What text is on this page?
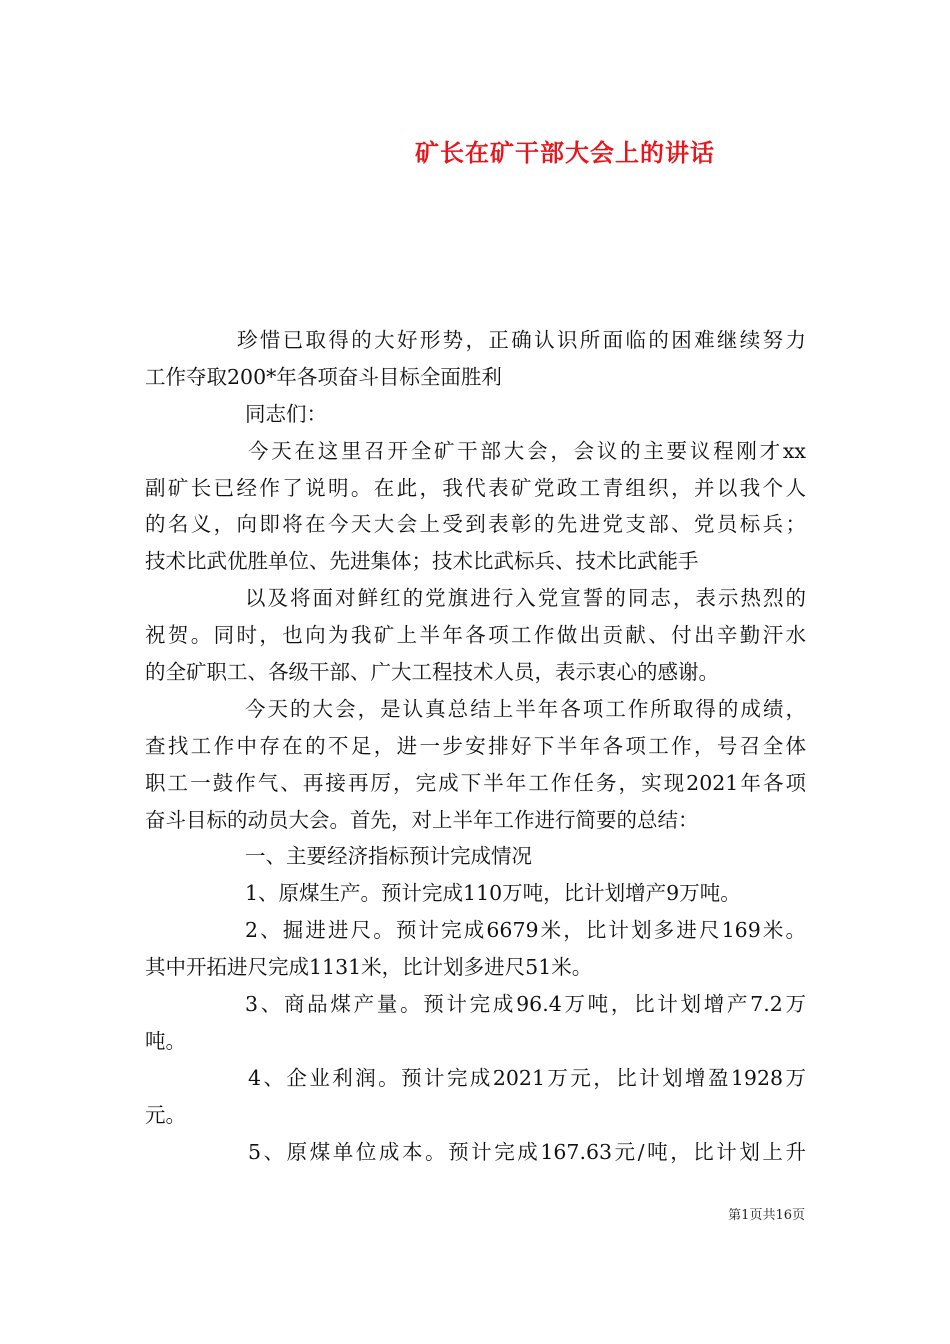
矿长在矿干部大会上的讲话
珍惜已取得的大好形势，正确认识所面临的困难继续努力
工作夺取200*年各项奋斗目标全面胜利
同志们：
今天在这里召开全矿干部大会，会议的主要议程刚才xx
副矿长已经作了说明。在此，我代表矿党政工青组织，并以我个人
的名义，向即将在今天大会上受到表彰的先进党支部、党员标兵；
技术比武优胜单位、先进集体；技术比武标兵、技术比武能手
以及将面对鲜红的党旗进行入党宣誓的同志，表示热烈的
祝贺。同时，也向为我矿上半年各项工作做出贡献、付出辛勤汗水
的全矿职工、各级干部、广大工程技术人员，表示衷心的感谢。
今天的大会，是认真总结上半年各项工作所取得的成绩，
查找工作中存在的不足，进一步安排好下半年各项工作，号召全体
职工一鼓作气、再接再厉，完成下半年工作任务，实现2021年各项
奋斗目标的动员大会。首先，对上半年工作进行简要的总结：
一、主要经济指标预计完成情况
1、原煤生产。预计完成110万吨，比计划增产9万吨。
2、掘进进尺。预计完成6679米，比计划多进尺169米。
其中开拓进尺完成1131米，比计划多进尺51米。
3、商品煤产量。预计完成96.4万吨，比计划增产7.2万
吨。
4、企业利润。预计完成2021万元，比计划增盈1928万
元。
5、原煤单位成本。预计完成167.63元/吨，比计划上升
第1页共16页
